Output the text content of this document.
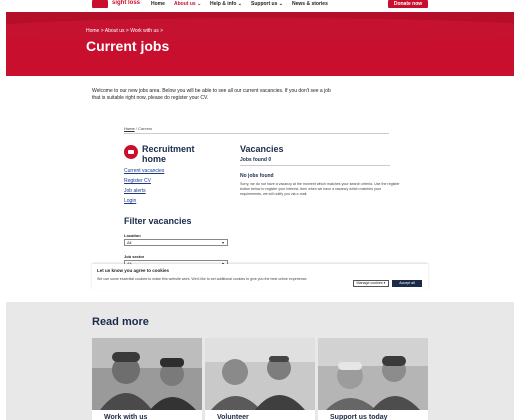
sight loss Home About us ⌄ Help & info ⌄ Support us ⌄ News & stories	Donate now
Home > About us > Work with us >
Current jobs

Welcome to our new jobs area. Below you will be able to see all our current vacancies. If you don't see a job that is suitable right now, please do register your CV.

Home / Careers
Recruitment home
Current vacancies
Register CV
Job alerts
Login
Vacancies
Jobs found 0
No jobs found
Sorry, we do not have a vacancy at the moment which matches your search criteria. Use the register button below to register your interest, then when we have a vacancy which matches your requirements, we will notify you via e-mail.
Filter vacancies
Location
All	▾
Job sector
Let us know you agree to cookies
We use some essential cookies to make this website work. We'd like to set additional cookies to give you the best online experience.
Manage cookies ▾	Accept all
Read more
Work with us	Volunteer	Support us today
